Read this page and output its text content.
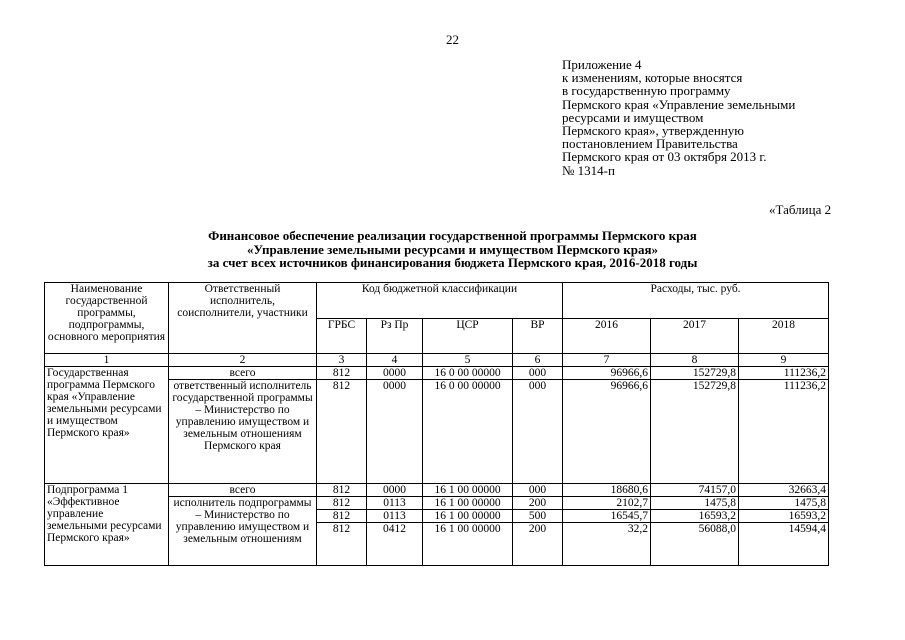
22
Приложение 4
к изменениям, которые вносятся
в государственную программу
Пермского края «Управление земельными
ресурсами и имуществом
Пермского края», утвержденную
постановлением Правительства
Пермского края от 03 октября 2013 г.
№ 1314-п
«Таблица 2
Финансовое обеспечение реализации государственной программы Пермского края
«Управление земельными ресурсами и имуществом Пермского края»
за счет всех источников финансирования бюджета Пермского края, 2016-2018 годы
Наименование государственной программы, подпрограммы, основного мероприятия	Ответственный исполнитель, соисполнители, участники	Код бюджетной классификации				Расходы, тыс. руб.		
		ГРБС	Рз Пр	ЦСР	ВР	2016	2017	2018
1	2	3	4	5	6	7	8	9
Государственная программа Пермского края «Управление земельными ресурсами и имуществом Пермского края»	всего	812	0000	16 0 00 00000	000	96966,6	152729,8	111236,2
	ответственный исполнитель государственной программы – Министерство по управлению имуществом и земельным отношениям Пермского края	812	0000	16 0 00 00000	000	96966,6	152729,8	111236,2
Подпрограмма 1 «Эффективное управление земельными ресурсами Пермского края»	всего	812	0000	16 1 00 00000	000	18680,6	74157,0	32663,4
	исполнитель подпрограммы – Министерство по управлению имуществом и земельным отношениям	812	0113	16 1 00 00000	200	2102,7	1475,8	1475,8
		812	0113	16 1 00 00000	500	16545,7	16593,2	16593,2
		812	0412	16 1 00 00000	200	32,2	56088,0	14594,4
